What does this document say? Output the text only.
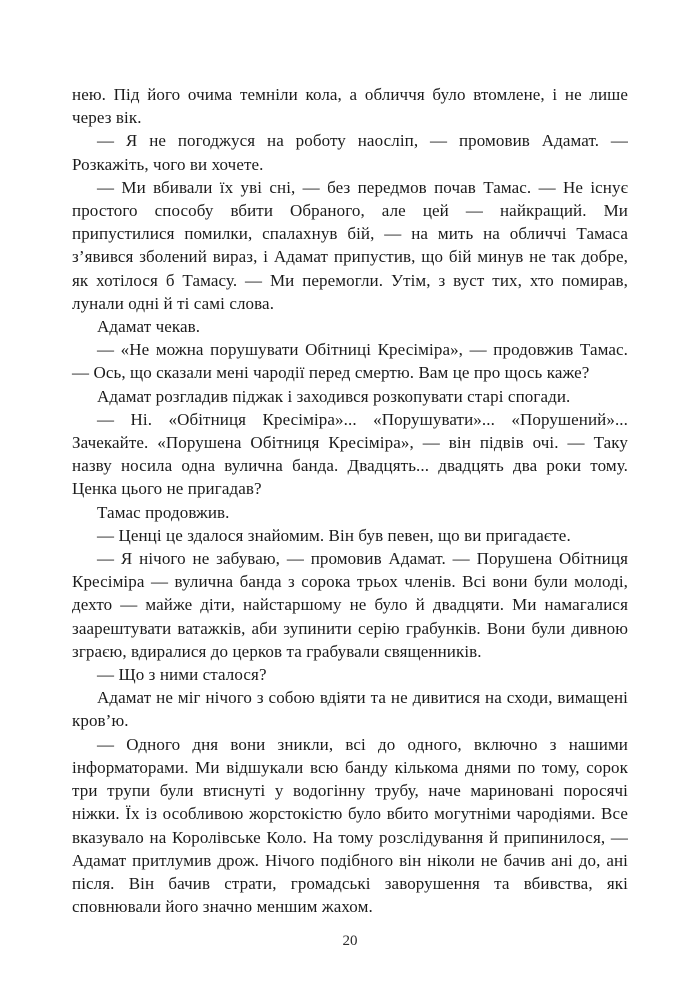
нею. Під його очима темніли кола, а обличчя було втомлене, і не лише через вік.

— Я не погоджуся на роботу наосліп, — промовив Адамат. — Розкажіть, чого ви хочете.

— Ми вбивали їх уві сні, — без передмов почав Тамас. — Не існує простого способу вбити Обраного, але цей — найкращий. Ми припустилися помилки, спалахнув бій, — на мить на обличчі Тамаса з’явився зболений вираз, і Адамат припустив, що бій минув не так добре, як хотілося б Тамасу. — Ми перемогли. Утім, з вуст тих, хто помирав, лунали одні й ті самі слова.

Адамат чекав.

— «Не можна порушувати Обітниці Кресіміра», — продовжив Тамас. — Ось, що сказали мені чародії перед смертю. Вам це про щось каже?

Адамат розгладив піджак і заходився розкопувати старі спогади.

— Ні. «Обітниця Кресіміра»... «Порушувати»... «Порушений»... Зачекайте. «Порушена Обітниця Кресіміра», — він підвів очі. — Таку назву носила одна вулична банда. Двадцять... двадцять два роки тому. Ценка цього не пригадав?

Тамас продовжив.

— Ценці це здалося знайомим. Він був певен, що ви пригадаєте.

— Я нічого не забуваю, — промовив Адамат. — Порушена Обітниця Кресіміра — вулична банда з сорока трьох членів. Всі вони були молоді, дехто — майже діти, найстаршому не було й двадцяти. Ми намагалися заарештувати ватажків, аби зупинити серію грабунків. Вони були дивною зграєю, вдиралися до церков та грабували священників.

— Що з ними сталося?

Адамат не міг нічого з собою вдіяти та не дивитися на сходи, вимащені кров’ю.

— Одного дня вони зникли, всі до одного, включно з нашими інформаторами. Ми відшукали всю банду кількома днями по тому, сорок три трупи були втиснуті у водогінну трубу, наче мариновані поросячі ніжки. Їх із особливою жорстокістю було вбито могутніми чародіями. Все вказувало на Королівське Коло. На тому розслідування й припинилося, — Адамат притлумив дрож. Нічого подібного він ніколи не бачив ані до, ані після. Він бачив страти, громадські заворушення та вбивства, які сповнювали його значно меншим жахом.

20
